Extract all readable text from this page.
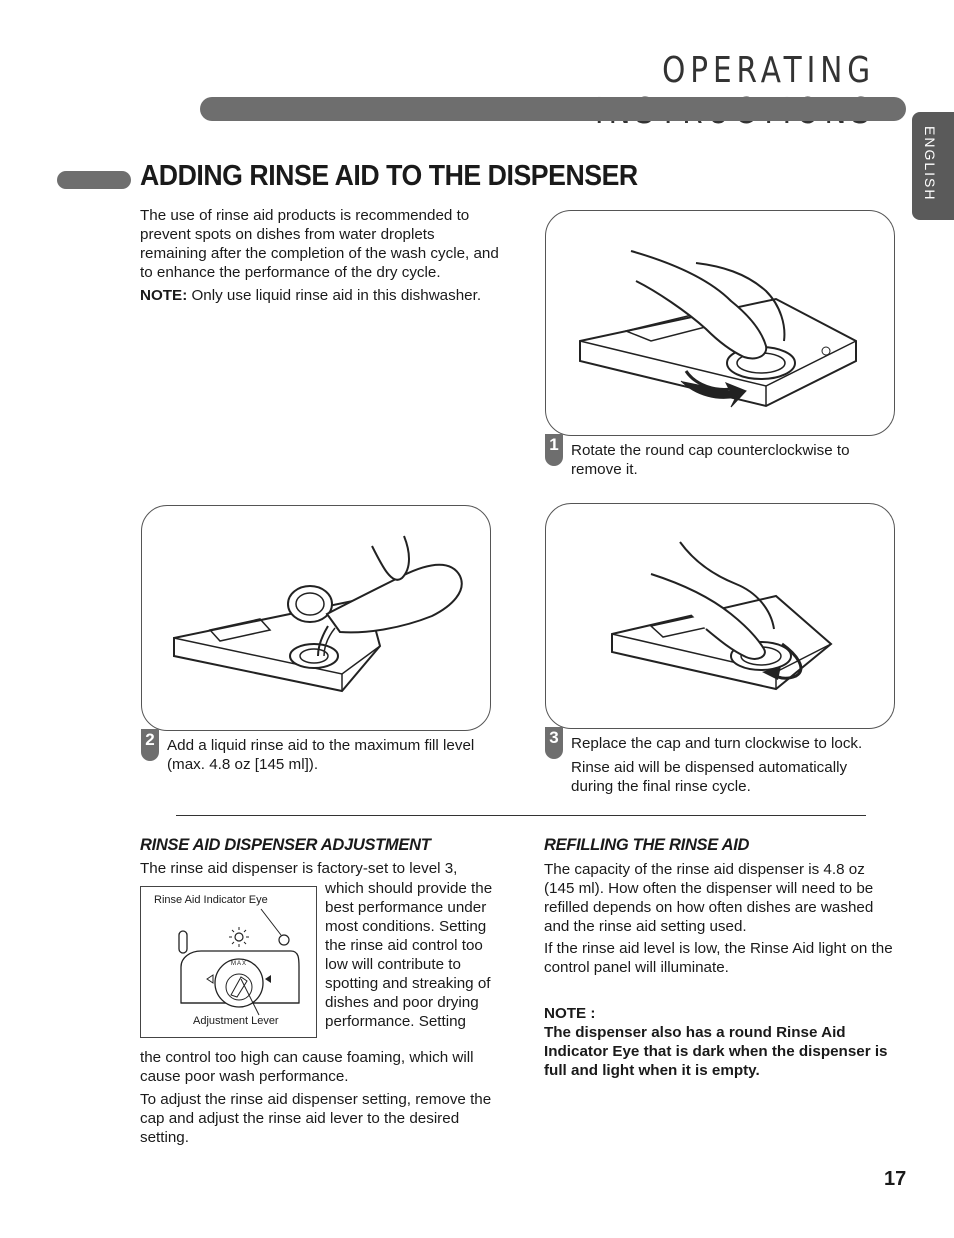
OPERATING
ENGLISH
ADDING RINSE AID TO THE DISPENSER

The use of rinse aid products is recommended to prevent spots on dishes from water droplets remaining after the completion of the wash cycle, and to enhance the performance of the dry cycle.

NOTE: Only use liquid rinse aid in this dishwasher.

1 Rotate the round cap counterclockwise to remove it.
2 Add a liquid rinse aid to the maximum fill level (max. 4.8 oz [145 ml]).
3 Replace the cap and turn clockwise to lock.
Rinse aid will be dispensed automatically during the final rinse cycle.
RINSE AID DISPENSER ADJUSTMENT
The rinse aid dispenser is factory-set to level 3,
Rinse Aid Indicator Eye
MAX
Adjustment Lever
which should provide the best performance under most conditions. Setting the rinse aid control too low will contribute to spotting and streaking of dishes and poor drying performance. Setting
the control too high can cause foaming, which will cause poor wash performance.
To adjust the rinse aid dispenser setting, remove the cap and adjust the rinse aid lever to the desired setting.
REFILLING THE RINSE AID
The capacity of the rinse aid dispenser is 4.8 oz (145 ml). How often the dispenser will need to be refilled depends on how often dishes are washed and the rinse aid setting used.
If the rinse aid level is low, the Rinse Aid light on the control panel will illuminate.
NOTE :
The dispenser also has a round Rinse Aid Indicator Eye that is dark when the dispenser is full and light when it is empty.
17
